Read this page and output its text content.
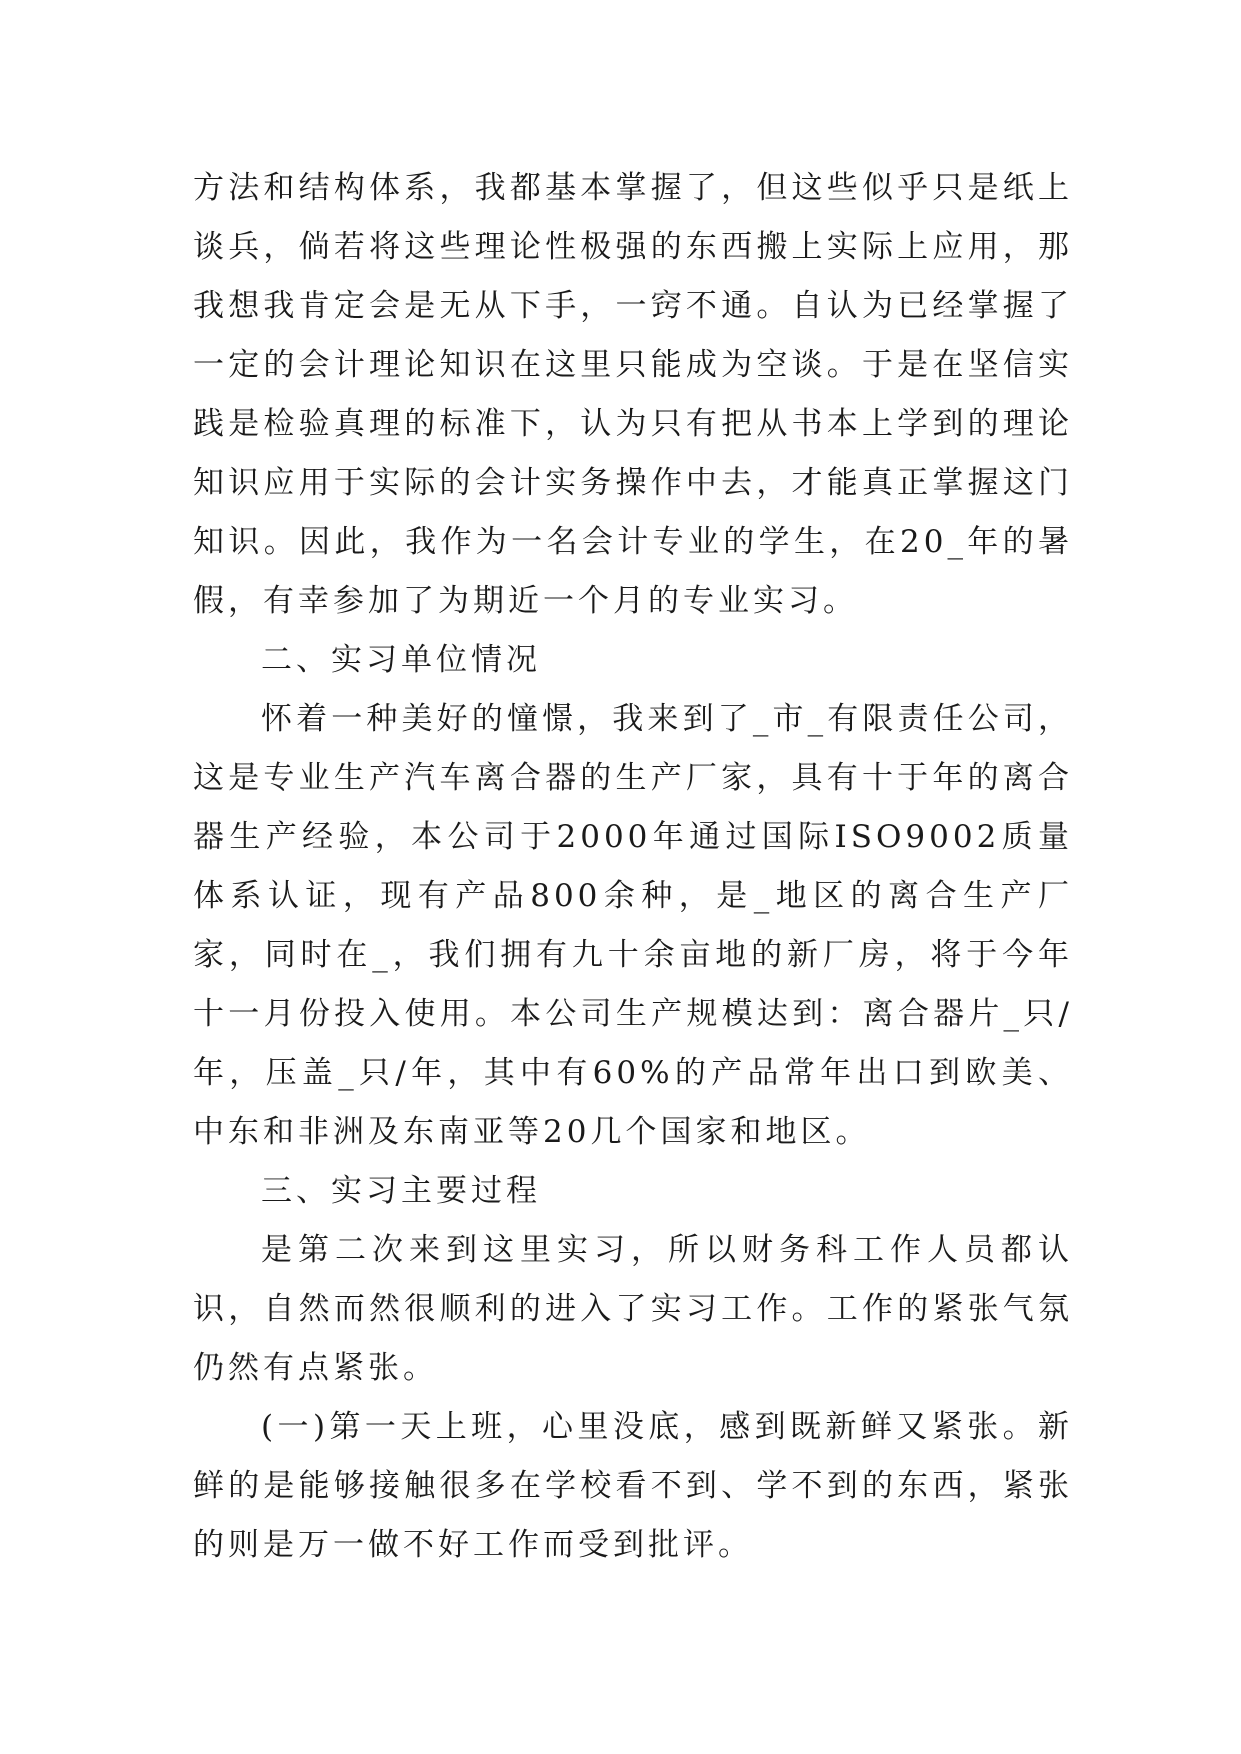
方法和结构体系，我都基本掌握了，但这些似乎只是纸上谈兵，倘若将这些理论性极强的东西搬上实际上应用，那我想我肯定会是无从下手，一窍不通。自认为已经掌握了一定的会计理论知识在这里只能成为空谈。于是在坚信实践是检验真理的标准下，认为只有把从书本上学到的理论知识应用于实际的会计实务操作中去，才能真正掌握这门知识。因此，我作为一名会计专业的学生，在20_年的暑假，有幸参加了为期近一个月的专业实习。

二、实习单位情况

怀着一种美好的憧憬，我来到了_市_有限责任公司，这是专业生产汽车离合器的生产厂家，具有十于年的离合器生产经验，本公司于2000年通过国际ISO9002质量体系认证，现有产品800余种，是_地区的离合生产厂家，同时在_，我们拥有九十余亩地的新厂房，将于今年十一月份投入使用。本公司生产规模达到：离合器片_只/年，压盖_只/年，其中有60%的产品常年出口到欧美、中东和非洲及东南亚等20几个国家和地区。

三、实习主要过程

是第二次来到这里实习，所以财务科工作人员都认识，自然而然很顺利的进入了实习工作。工作的紧张气氛仍然有点紧张。

(一)第一天上班，心里没底，感到既新鲜又紧张。新鲜的是能够接触很多在学校看不到、学不到的东西，紧张的则是万一做不好工作而受到批评。
